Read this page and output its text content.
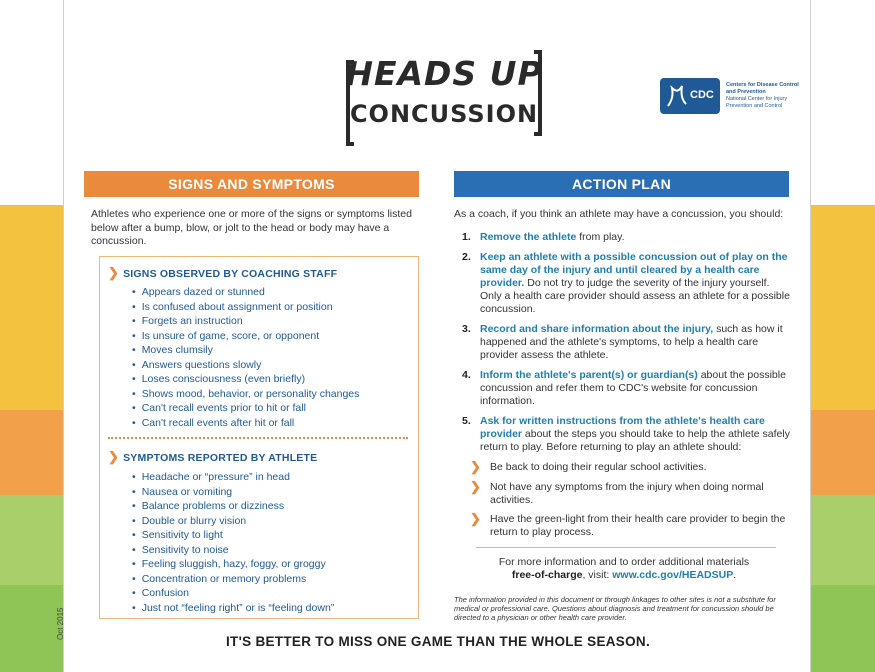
HEADS UP
CONCUSSION
CDC
Centers for Disease Control and Prevention
National Center for Injury Prevention and Control
SIGNS AND SYMPTOMS
Athletes who experience one or more of the signs or symptoms listed below after a bump, blow, or jolt to the head or body may have a concussion.
❯ SIGNS OBSERVED BY COACHING STAFF
• Appears dazed or stunned
• Is confused about assignment or position
• Forgets an instruction
• Is unsure of game, score, or opponent
• Moves clumsily
• Answers questions slowly
• Loses consciousness (even briefly)
• Shows mood, behavior, or personality changes
• Can't recall events prior to hit or fall
• Can't recall events after hit or fall
❯ SYMPTOMS REPORTED BY ATHLETE
• Headache or “pressure” in head
• Nausea or vomiting
• Balance problems or dizziness
• Double or blurry vision
• Sensitivity to light
• Sensitivity to noise
• Feeling sluggish, hazy, foggy, or groggy
• Concentration or memory problems
• Confusion
• Just not “feeling right” or is “feeling down”
ACTION PLAN
As a coach, if you think an athlete may have a concussion, you should:
1. Remove the athlete from play.
2. Keep an athlete with a possible concussion out of play on the same day of the injury and until cleared by a health care provider. Do not try to judge the severity of the injury yourself. Only a health care provider should assess an athlete for a possible concussion.
3. Record and share information about the injury, such as how it happened and the athlete's symptoms, to help a health care provider assess the athlete.
4. Inform the athlete's parent(s) or guardian(s) about the possible concussion and refer them to CDC's website for concussion information.
5. Ask for written instructions from the athlete's health care provider about the steps you should take to help the athlete safely return to play. Before returning to play an athlete should:
❯ Be back to doing their regular school activities.
❯ Not have any symptoms from the injury when doing normal activities.
❯ Have the green-light from their health care provider to begin the return to play process.
For more information and to order additional materials
free-of-charge, visit: www.cdc.gov/HEADSUP.
The information provided in this document or through linkages to other sites is not a substitute for medical or professional care. Questions about diagnosis and treatment for concussion should be directed to a physician or other health care provider.
IT'S BETTER TO MISS ONE GAME THAN THE WHOLE SEASON.
Oct 2015
